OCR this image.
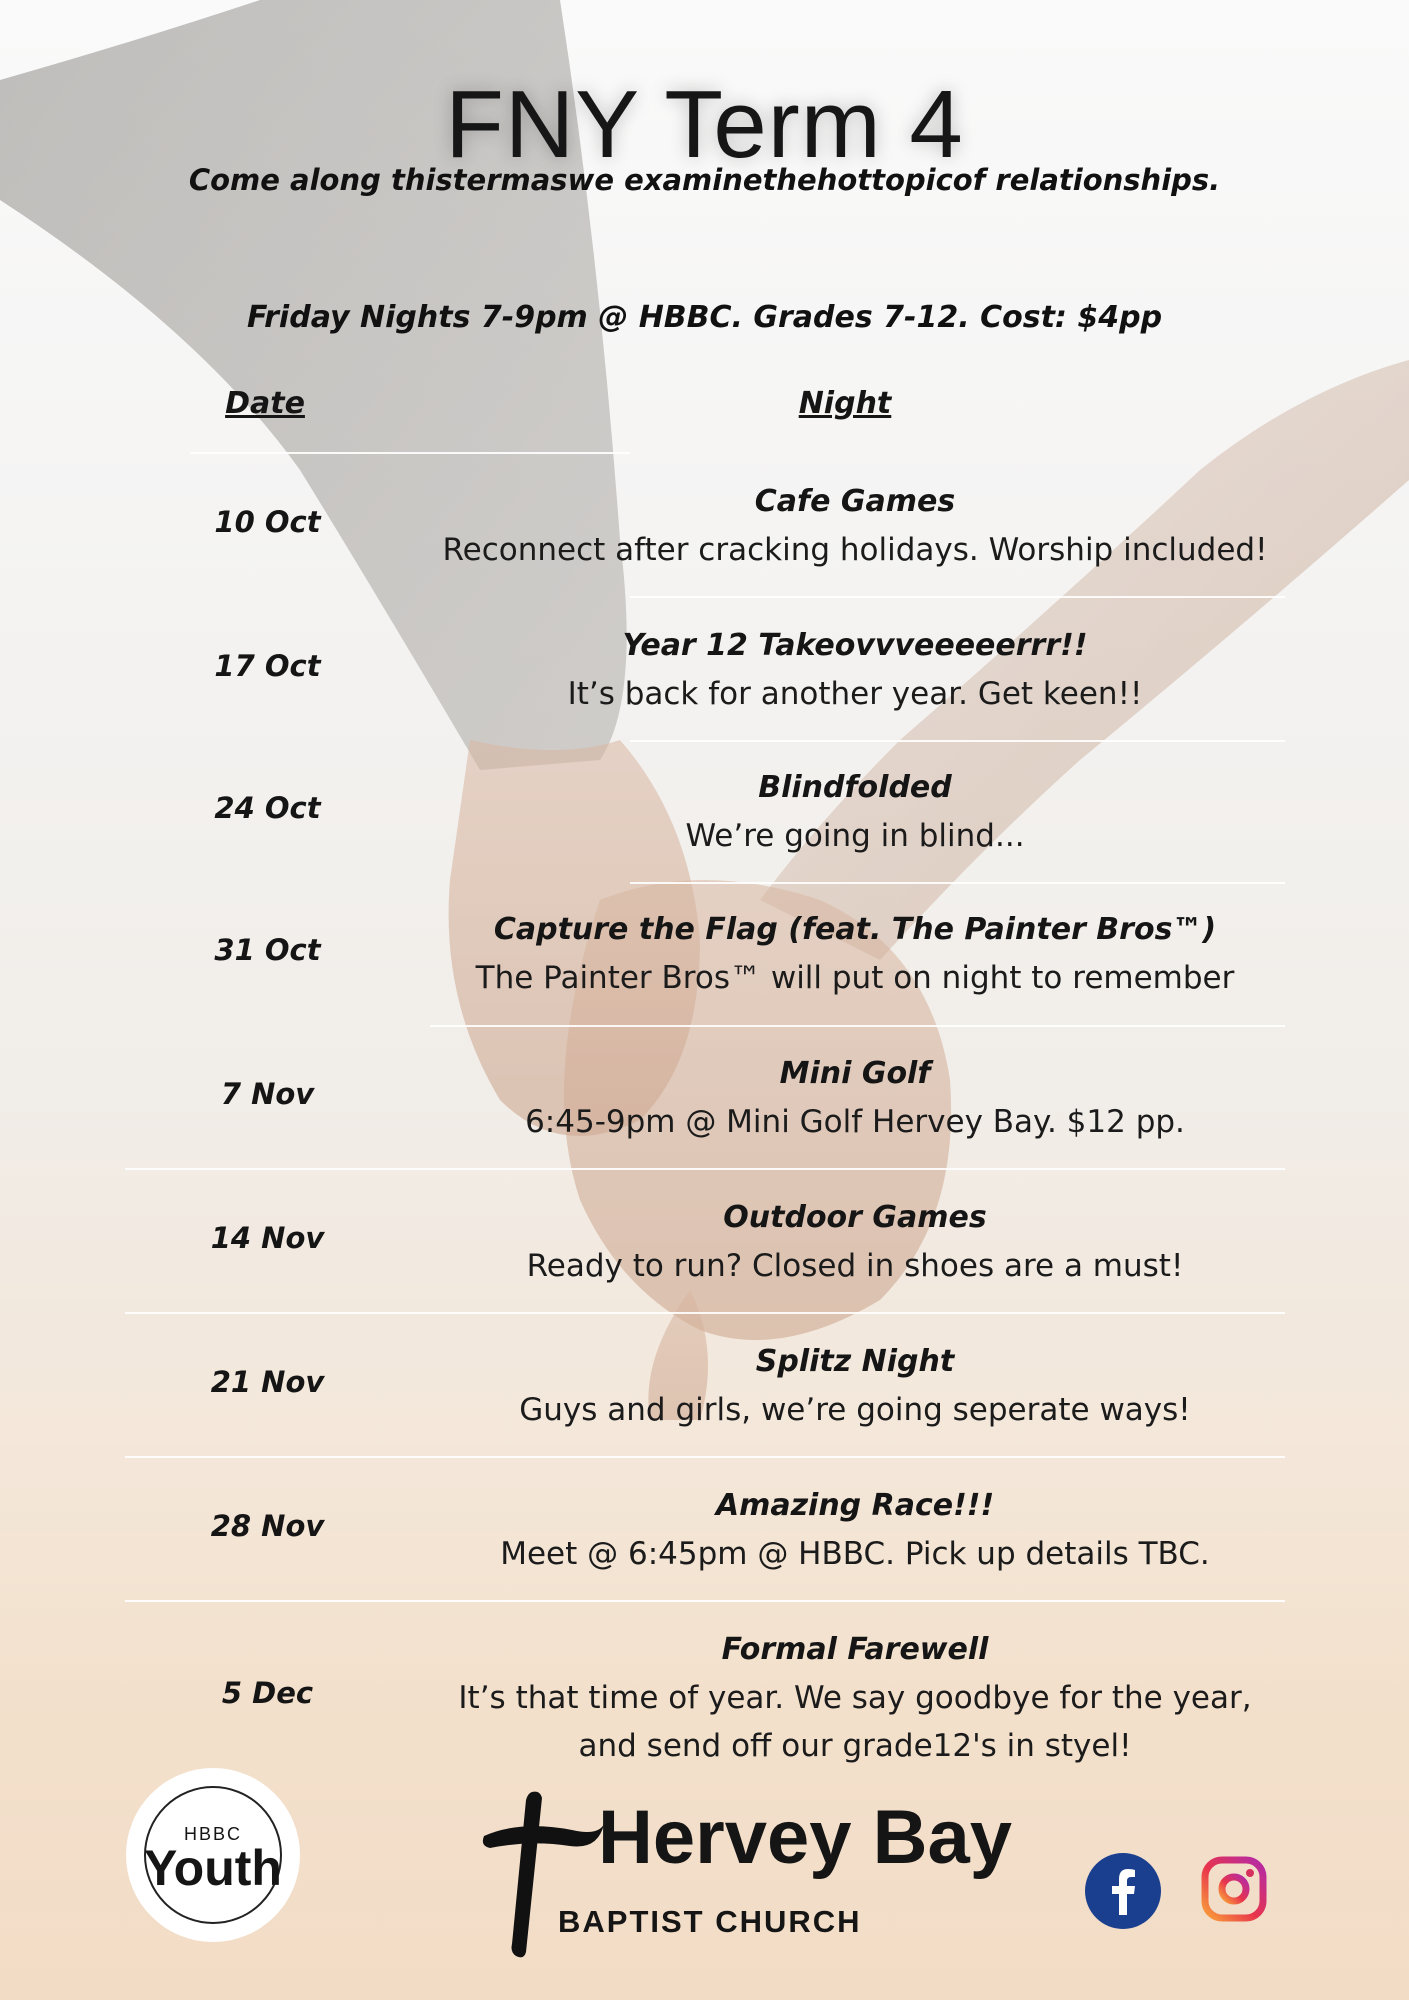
FNY Term 4
Come along thistermaswe examinethehottopicof relationships.
Friday Nights 7-9pm @ HBBC. Grades 7-12. Cost: $4pp
Date	Night
10 Oct
Cafe Games
Reconnect after cracking holidays. Worship included!
17 Oct
Year 12 Takeovvveeeeerrr!!
It’s back for another year. Get keen!!
24 Oct
Blindfolded
We’re going in blind...
31 Oct
Capture the Flag (feat. The Painter Bros™)
The Painter Bros™ will put on night to remember
7 Nov
Mini Golf
6:45-9pm @ Mini Golf Hervey Bay. $12 pp.
14 Nov
Outdoor Games
Ready to run? Closed in shoes are a must!
21 Nov
Splitz Night
Guys and girls, we’re going seperate ways!
28 Nov
Amazing Race!!!
Meet @ 6:45pm @ HBBC. Pick up details TBC.
5 Dec
Formal Farewell
It’s that time of year. We say goodbye for the year,
and send off our grade12's in styel!
HBBC
Youth	Hervey Bay
BAPTIST CHURCH
